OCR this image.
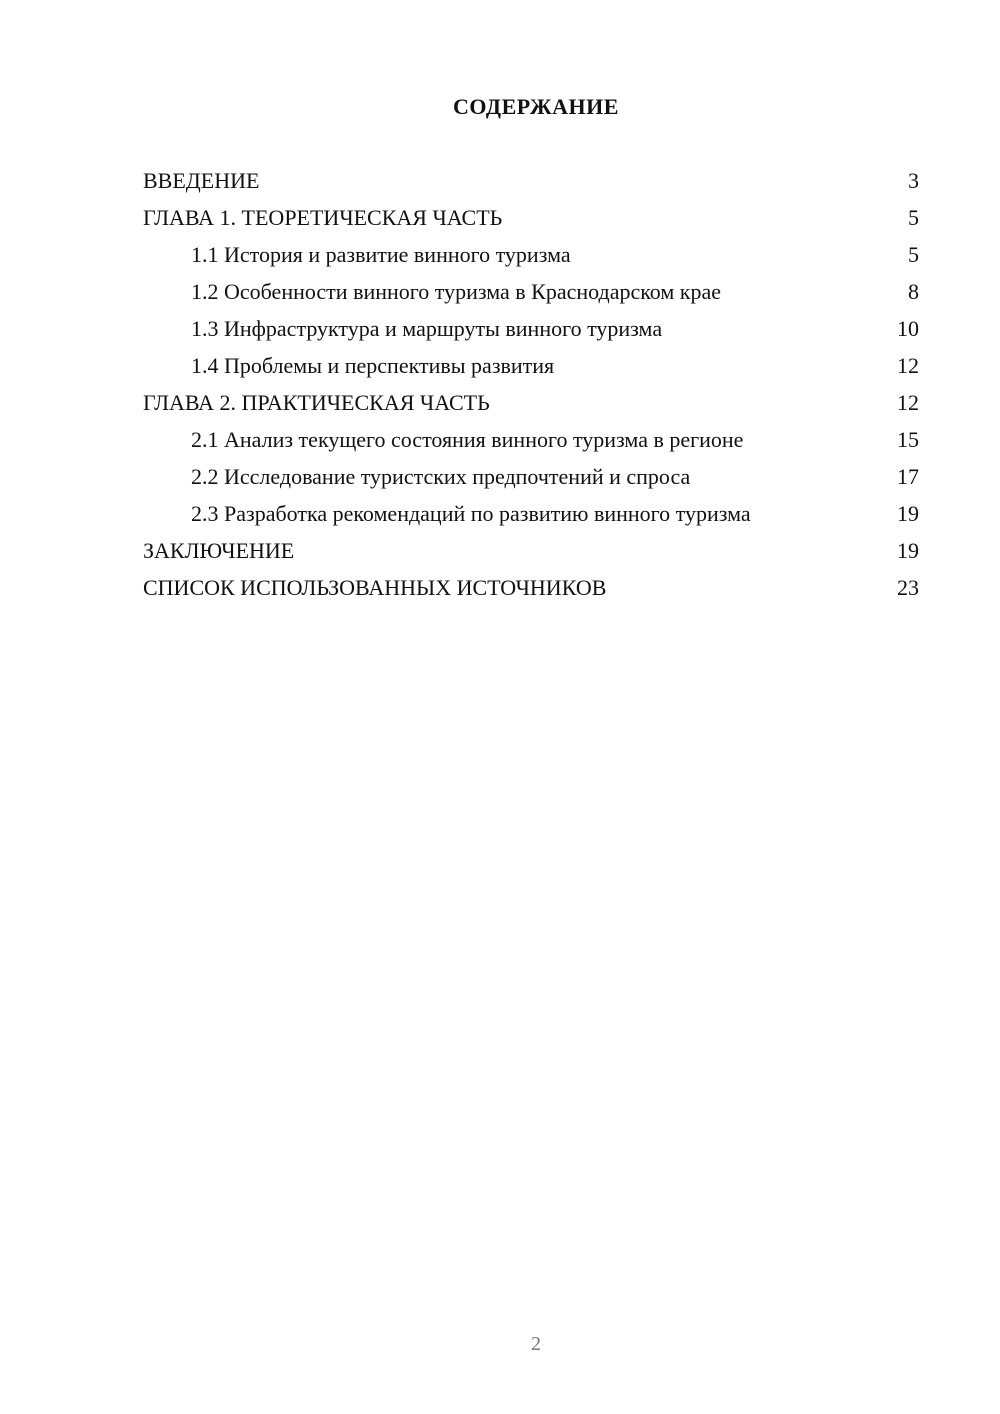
СОДЕРЖАНИЕ
ВВЕДЕНИЕ	3
ГЛАВА 1. ТЕОРЕТИЧЕСКАЯ ЧАСТЬ	5
1.1 История и развитие винного туризма	5
1.2 Особенности винного туризма в Краснодарском крае	8
1.3 Инфраструктура и маршруты винного туризма	10
1.4 Проблемы и перспективы развития	12
ГЛАВА 2. ПРАКТИЧЕСКАЯ ЧАСТЬ	12
2.1 Анализ текущего состояния винного туризма в регионе	15
2.2 Исследование туристских предпочтений и спроса	17
2.3 Разработка рекомендаций по развитию винного туризма	19
ЗАКЛЮЧЕНИЕ	19
СПИСОК ИСПОЛЬЗОВАННЫХ ИСТОЧНИКОВ	23
2
